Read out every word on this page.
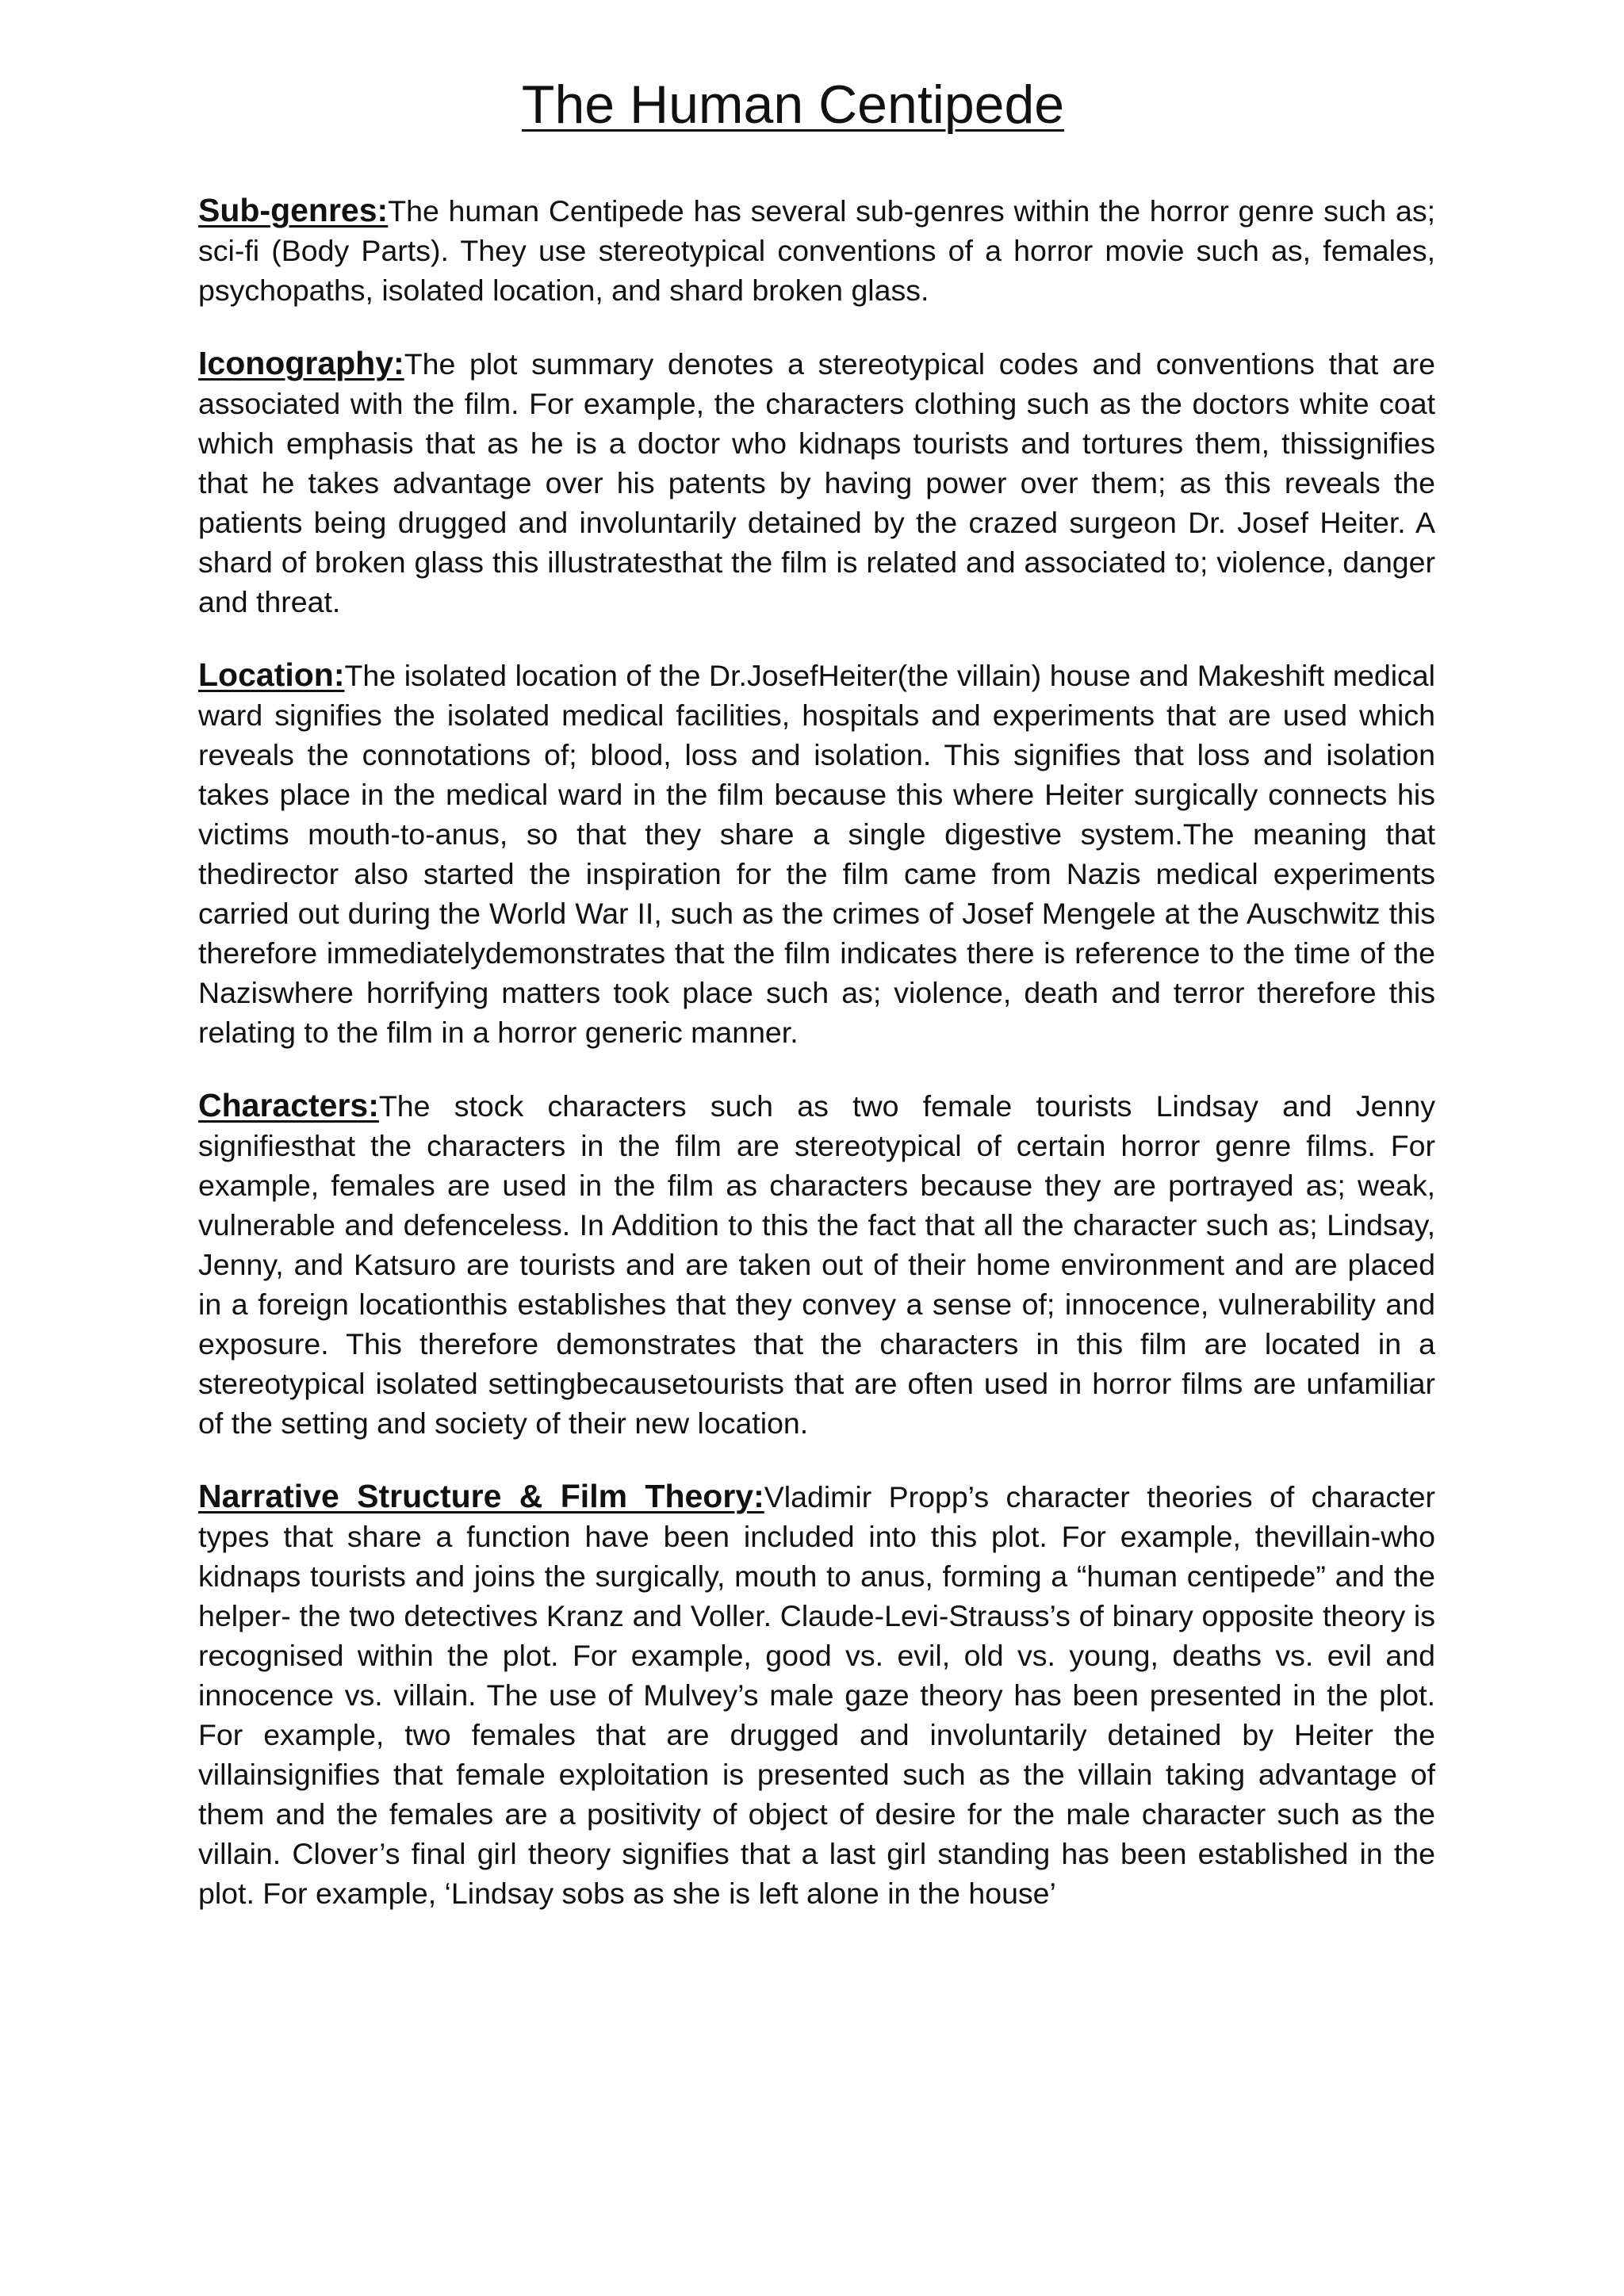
The Human Centipede

Sub-genres:The human Centipede has several sub-genres within the horror genre such as; sci-fi (Body Parts). They use stereotypical conventions of a horror movie such as, females, psychopaths, isolated location, and shard broken glass.

Iconography:The plot summary denotes a stereotypical codes and conventions that are associated with the film. For example, the characters clothing such as the doctors white coat which emphasis that as he is a doctor who kidnaps tourists and tortures them, thissignifies that he takes advantage over his patents by having power over them; as this reveals the patients being drugged and involuntarily detained by the crazed surgeon Dr. Josef Heiter. A shard of broken glass this illustratesthat the film is related and associated to; violence, danger and threat.

Location:The isolated location of the Dr.JosefHeiter(the villain) house and Makeshift medical ward signifies the isolated medical facilities, hospitals and experiments that are used which reveals the connotations of; blood, loss and isolation. This signifies that loss and isolation takes place in the medical ward in the film because this where Heiter surgically connects his victims mouth-to-anus, so that they share a single digestive system.The meaning that thedirector also started the inspiration for the film came from Nazis medical experiments carried out during the World War II, such as the crimes of Josef Mengele at the Auschwitz this therefore immediatelydemonstrates that the film indicates there is reference to the time of the Naziswhere horrifying matters took place such as; violence, death and terror therefore this relating to the film in a horror generic manner.

Characters:The stock characters such as two female tourists Lindsay and Jenny signifiesthat the characters in the film are stereotypical of certain horror genre films. For example, females are used in the film as characters because they are portrayed as; weak, vulnerable and defenceless. In Addition to this the fact that all the character such as; Lindsay, Jenny, and Katsuro are tourists and are taken out of their home environment and are placed in a foreign locationthis establishes that they convey a sense of; innocence, vulnerability and exposure. This therefore demonstrates that the characters in this film are located in a stereotypical isolated settingbecausetourists that are often used in horror films are unfamiliar of the setting and society of their new location.

Narrative Structure & Film Theory:Vladimir Propp’s character theories of character types that share a function have been included into this plot. For example, thevillain-who kidnaps tourists and joins the surgically, mouth to anus, forming a “human centipede” and the helper- the two detectives Kranz and Voller. Claude-Levi-Strauss’s of binary opposite theory is recognised within the plot. For example, good vs. evil, old vs. young, deaths vs. evil and innocence vs. villain. The use of Mulvey’s male gaze theory has been presented in the plot. For example, two females that are drugged and involuntarily detained by Heiter the villainsignifies that female exploitation is presented such as the villain taking advantage of them and the females are a positivity of object of desire for the male character such as the villain. Clover’s final girl theory signifies that a last girl standing has been established in the plot. For example, ‘Lindsay sobs as she is left alone in the house’
